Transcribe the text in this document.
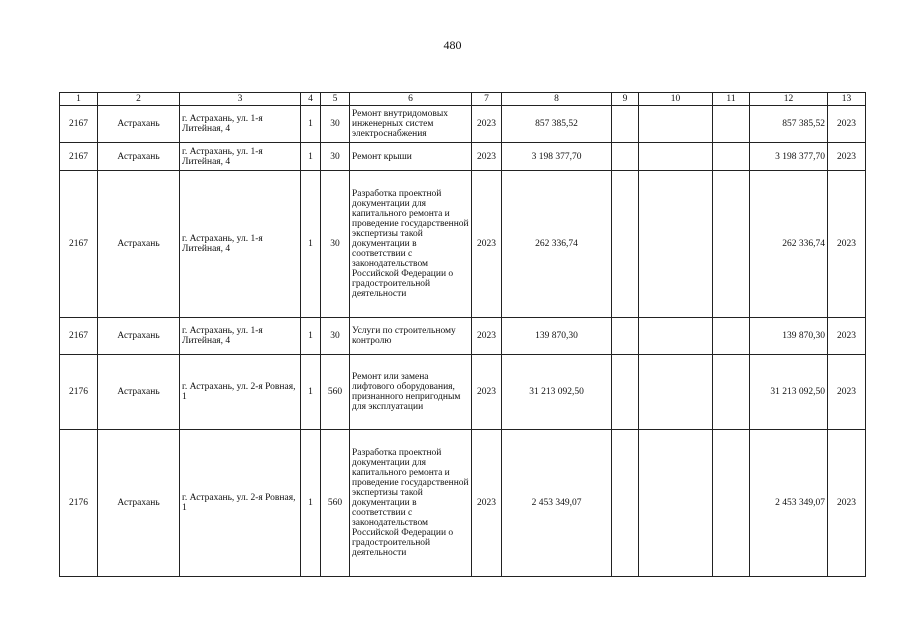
480
1	2	3	4	5	6	7	8	9	10	11	12	13
2167	Астрахань	г. Астрахань, ул. 1-я Литейная, 4	1	30	Ремонт внутридомовых инженерных систем электроснабжения	2023	857 385,52				857 385,52	2023
2167	Астрахань	г. Астрахань, ул. 1-я Литейная, 4	1	30	Ремонт крыши	2023	3 198 377,70				3 198 377,70	2023
2167	Астрахань	г. Астрахань, ул. 1-я Литейная, 4	1	30	Разработка проектной документации для капитального ремонта и проведение государственной экспертизы такой документации в соответствии с законодательством Российской Федерации о градостроительной деятельности	2023	262 336,74				262 336,74	2023
2167	Астрахань	г. Астрахань, ул. 1-я Литейная, 4	1	30	Услуги по строительному контролю	2023	139 870,30				139 870,30	2023
2176	Астрахань	г. Астрахань, ул. 2-я Ровная, 1	1	560	Ремонт или замена лифтового оборудования, признанного непригодным для эксплуатации	2023	31 213 092,50				31 213 092,50	2023
2176	Астрахань	г. Астрахань, ул. 2-я Ровная, 1	1	560	Разработка проектной документации для капитального ремонта и проведение государственной экспертизы такой документации в соответствии с законодательством Российской Федерации о градостроительной деятельности	2023	2 453 349,07				2 453 349,07	2023
